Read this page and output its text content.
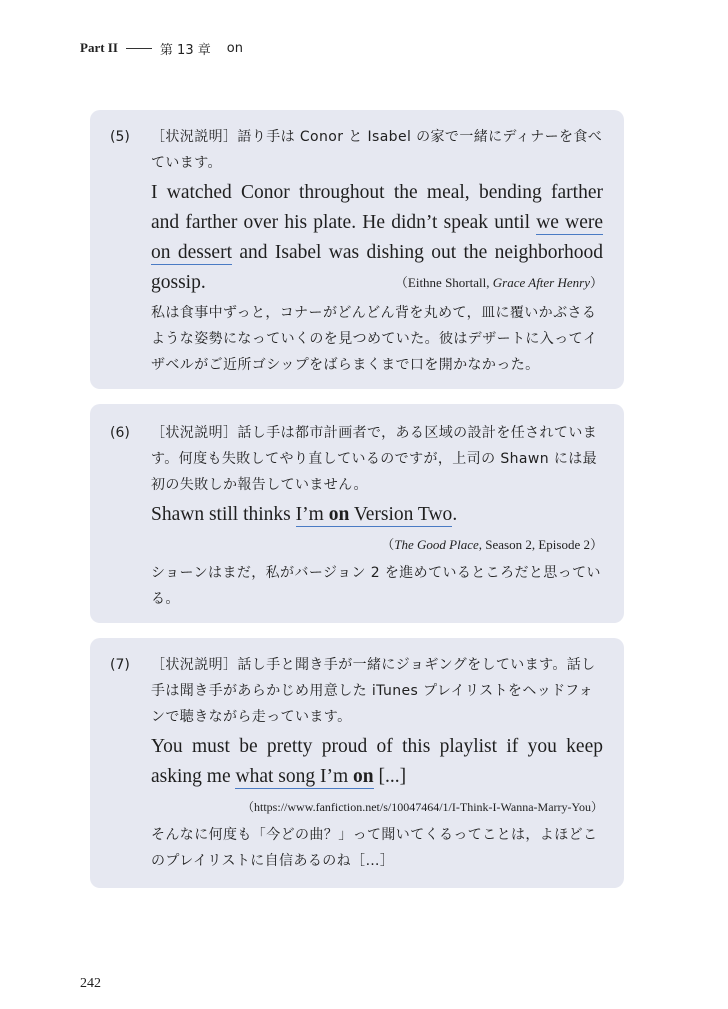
Part II	第 13 章 on
(5) ［状況説明］語り手は Conor と Isabel の家で一緒にディナーを食べています。
I watched Conor throughout the meal, bending farther and farther over his plate. He didn’t speak until we were on dessert and Isabel was dishing out the neighborhood gossip.	（Eithne Shortall, Grace After Henry）
私は食事中ずっと，コナーがどんどん背を丸めて，皿に覆いかぶさるような姿勢になっていくのを見つめていた。彼はデザートに入ってイザベルがご近所ゴシップをばらまくまで口を開かなかった。
(6) ［状況説明］話し手は都市計画者で，ある区域の設計を任されています。何度も失敗してやり直しているのですが，上司の Shawn には最初の失敗しか報告していません。
Shawn still thinks I’m on Version Two.
（The Good Place, Season 2, Episode 2）
ショーンはまだ，私がバージョン 2 を進めているところだと思っている。
(7) ［状況説明］話し手と聞き手が一緒にジョギングをしています。話し手は聞き手があらかじめ用意した iTunes プレイリストをヘッドフォンで聴きながら走っています。
You must be pretty proud of this playlist if you keep asking me what song I’m on [...]
（https://www.fanfiction.net/s/10047464/1/I-Think-I-Wanna-Marry-You）
そんなに何度も「今どの曲？」って聞いてくるってことは，よほどこのプレイリストに自信あるのね［…］
242
